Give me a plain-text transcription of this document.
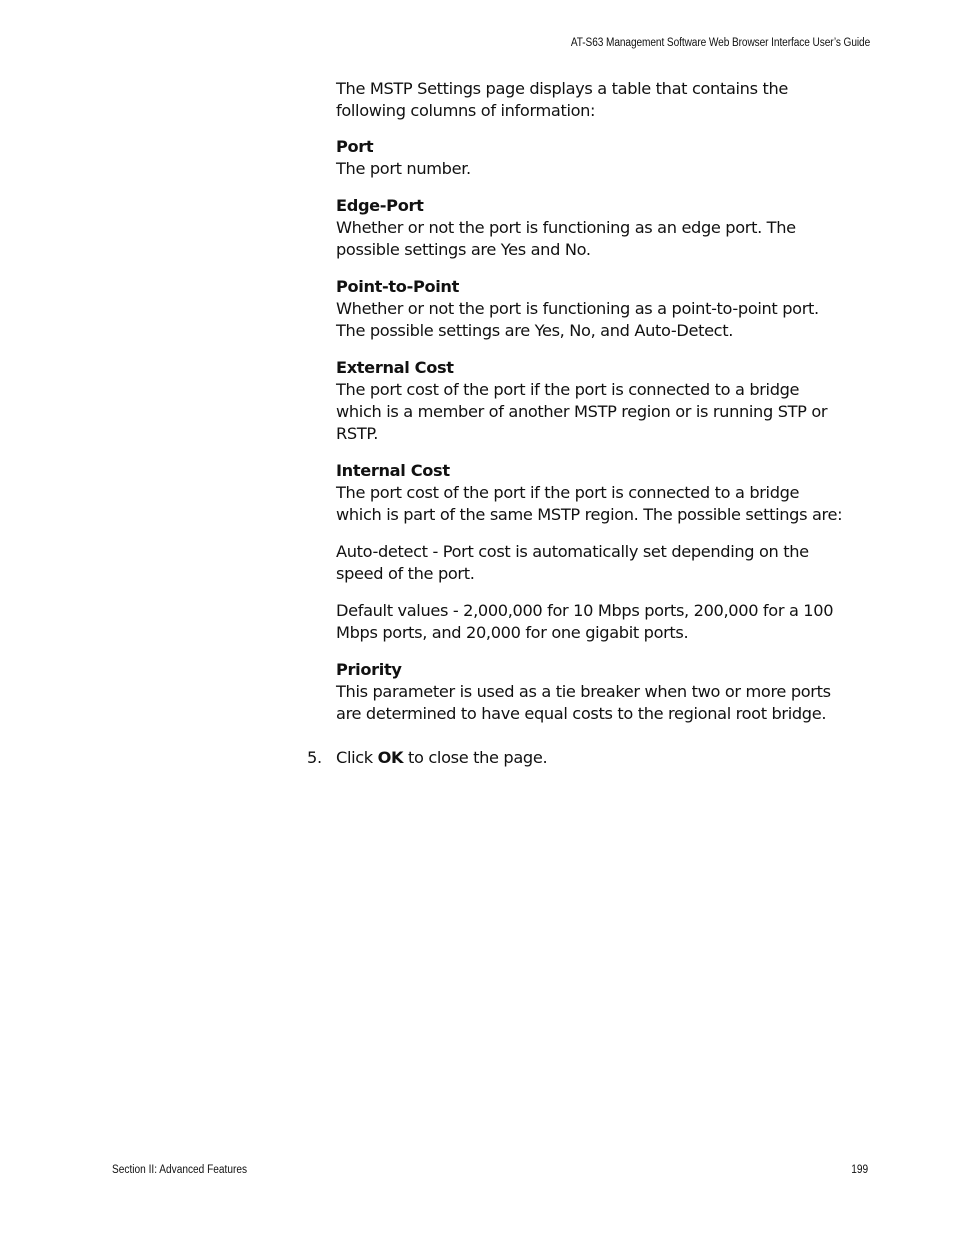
AT-S63 Management Software Web Browser Interface User’s Guide

The MSTP Settings page displays a table that contains the following columns of information:

Port

The port number.

Edge-Port

Whether or not the port is functioning as an edge port. The possible settings are Yes and No.

Point-to-Point

Whether or not the port is functioning as a point-to-point port. The possible settings are Yes, No, and Auto-Detect.

External Cost

The port cost of the port if the port is connected to a bridge which is a member of another MSTP region or is running STP or RSTP.

Internal Cost

The port cost of the port if the port is connected to a bridge which is part of the same MSTP region. The possible settings are:

Auto-detect - Port cost is automatically set depending on the speed of the port.

Default values - 2,000,000 for 10 Mbps ports, 200,000 for a 100 Mbps ports, and 20,000 for one gigabit ports.

Priority

This parameter is used as a tie breaker when two or more ports are determined to have equal costs to the regional root bridge.

5. Click OK to close the page.

Section II: Advanced Features	199
